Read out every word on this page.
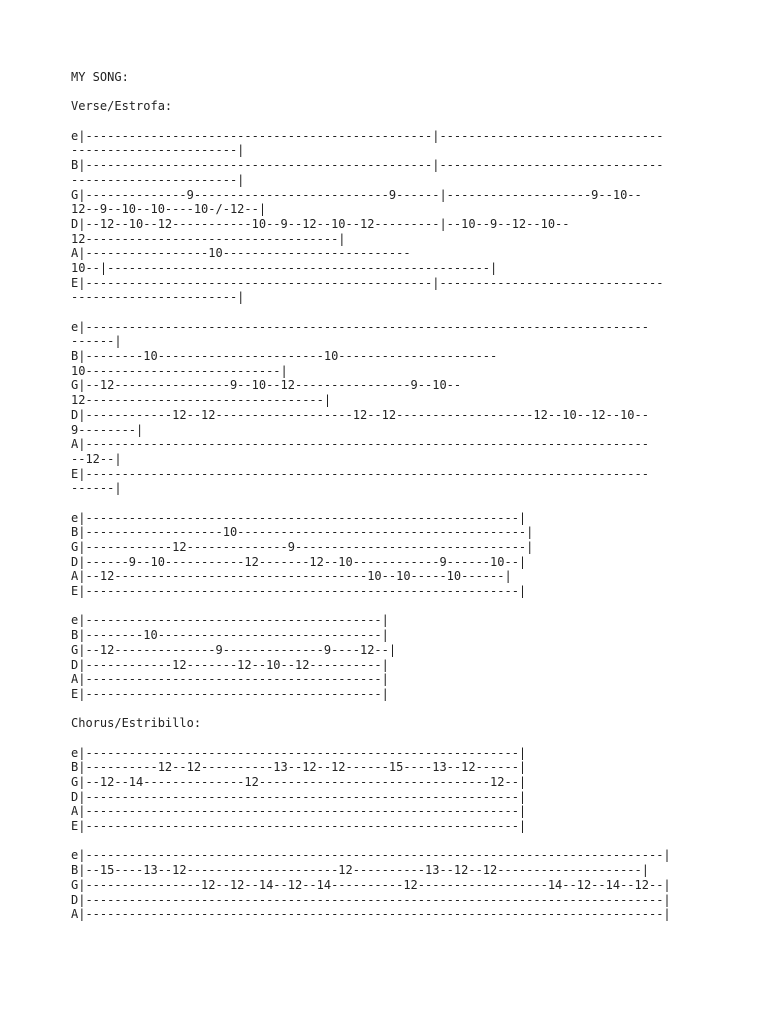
MY SONG:
Verse/Estrofa:
e|------------------------------------------------|-------------------------------
-----------------------|
B|------------------------------------------------|-------------------------------
-----------------------|
G|--------------9---------------------------9------|--------------------9--10--
12--9--10--10----10-/-12--|
D|--12--10--12-----------10--9--12--10--12---------|--10--9--12--10--
12-----------------------------------|
A|-----------------10--------------------------
10--|-----------------------------------------------------|
E|------------------------------------------------|-------------------------------
-----------------------|
e|------------------------------------------------------------------------------
------|
B|--------10-----------------------10----------------------
10---------------------------|
G|--12----------------9--10--12----------------9--10--
12---------------------------------|
D|------------12--12-------------------12--12-------------------12--10--12--10--
9--------|
A|------------------------------------------------------------------------------
--12--|
E|------------------------------------------------------------------------------
------|
e|------------------------------------------------------------|
B|-------------------10----------------------------------------|
G|------------12--------------9--------------------------------|
D|------9--10-----------12-------12--10------------9------10--|
A|--12-----------------------------------10--10-----10------|
E|------------------------------------------------------------|
e|-----------------------------------------|
B|--------10-------------------------------|
G|--12--------------9--------------9----12--|
D|------------12-------12--10--12----------|
A|-----------------------------------------|
E|-----------------------------------------|
Chorus/Estribillo:
e|------------------------------------------------------------|
B|----------12--12----------13--12--12------15----13--12------|
G|--12--14--------------12--------------------------------12--|
D|------------------------------------------------------------|
A|------------------------------------------------------------|
E|------------------------------------------------------------|
e|--------------------------------------------------------------------------------|
B|--15----13--12---------------------12----------13--12--12--------------------|
G|----------------12--12--14--12--14----------12------------------14--12--14--12--|
D|--------------------------------------------------------------------------------|
A|--------------------------------------------------------------------------------|
